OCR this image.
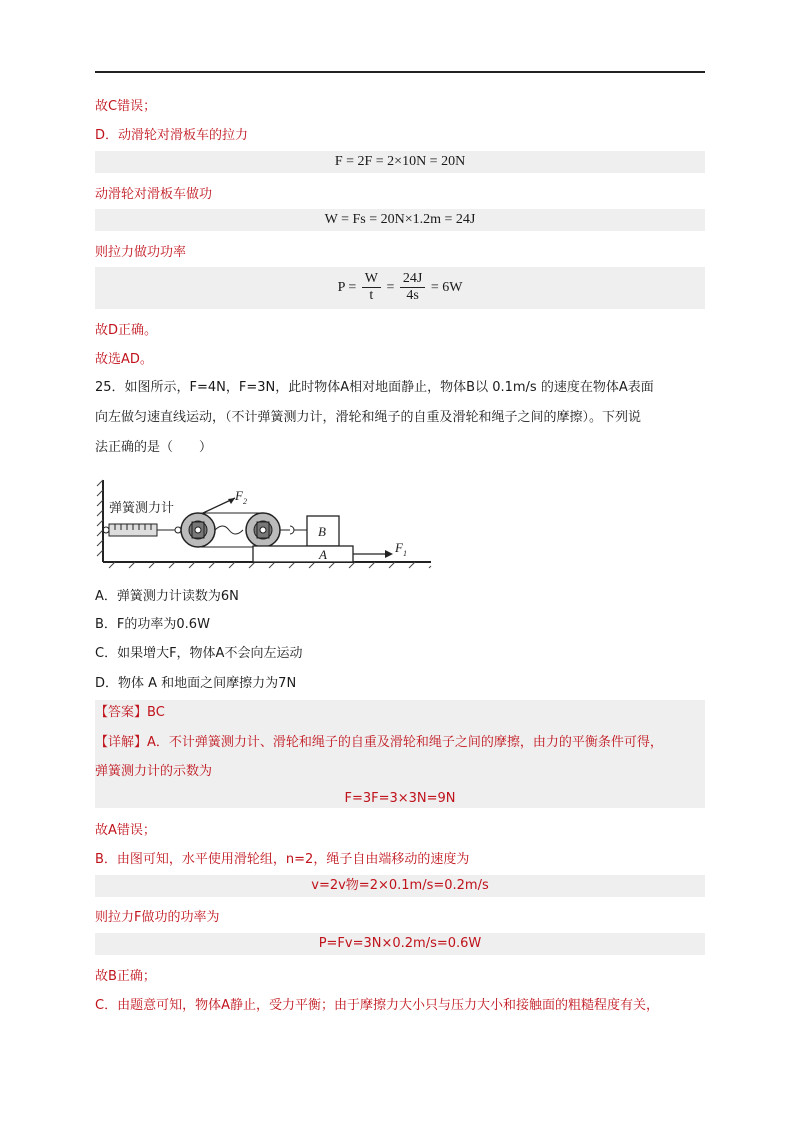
故C错误；
D．动滑轮对滑板车的拉力
F = 2F = 2×10N = 20N
动滑轮对滑板车做功
W = Fs = 20N×1.2m = 24J
则拉力做功功率
$P = \frac{W}{t} = \frac{24J}{4s} = 6W$
故D正确。
故选AD。
25．如图所示，F=4N，F=3N，此时物体A相对地面静止，物体B以 0.1m/s 的速度在物体A表面
向左做匀速直线运动，（不计弹簧测力计，滑轮和绳子的自重及滑轮和绳子之间的摩擦）。下列说
法正确的是（　　）
弹簧测力计
$F_2$
B
A	$F_1$
A．弹簧测力计读数为6N
B．F的功率为0.6W
C．如果增大F，物体A不会向左运动
D．物体 A 和地面之间摩擦力为7N
【答案】BC
【详解】A．不计弹簧测力计、滑轮和绳子的自重及滑轮和绳子之间的摩擦，由力的平衡条件可得，
弹簧测力计的示数为
F=3F=3×3N=9N
故A错误；
B．由图可知，水平使用滑轮组，n=2，绳子自由端移动的速度为
v=2v物=2×0.1m/s=0.2m/s
则拉力F做功的功率为
P=Fv=3N×0.2m/s=0.6W
故B正确；
C．由题意可知，物体A静止，受力平衡；由于摩擦力大小只与压力大小和接触面的粗糙程度有关，
